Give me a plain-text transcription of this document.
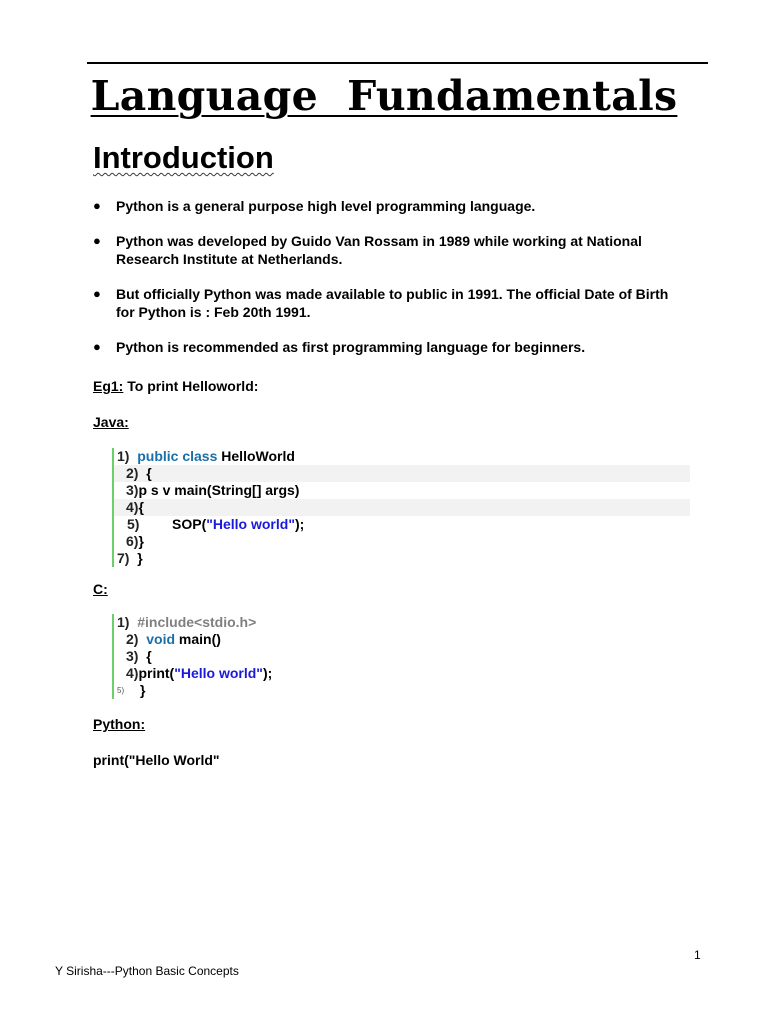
Language  Fundamentals
Introduction
● Python is a general purpose high level programming language.
● Python was developed by Guido Van Rossam in 1989 while working at National Research Institute at Netherlands.
● But officially Python was made available to public in 1991. The official Date of Birth for Python is : Feb 20th 1991.
● Python is recommended as first programming language for beginners.
Eg1: To print Helloworld:
Java:
1) public class HelloWorld
2) {
3)p s v main(String[] args)
4){
5) SOP("Hello world");
6)}
7) }
C:
1) #include<stdio.h>
2) void main()
3) {
4)print("Hello world");
5) }
Python:
print("Hello World"
1
Y Sirisha---Python Basic Concepts
